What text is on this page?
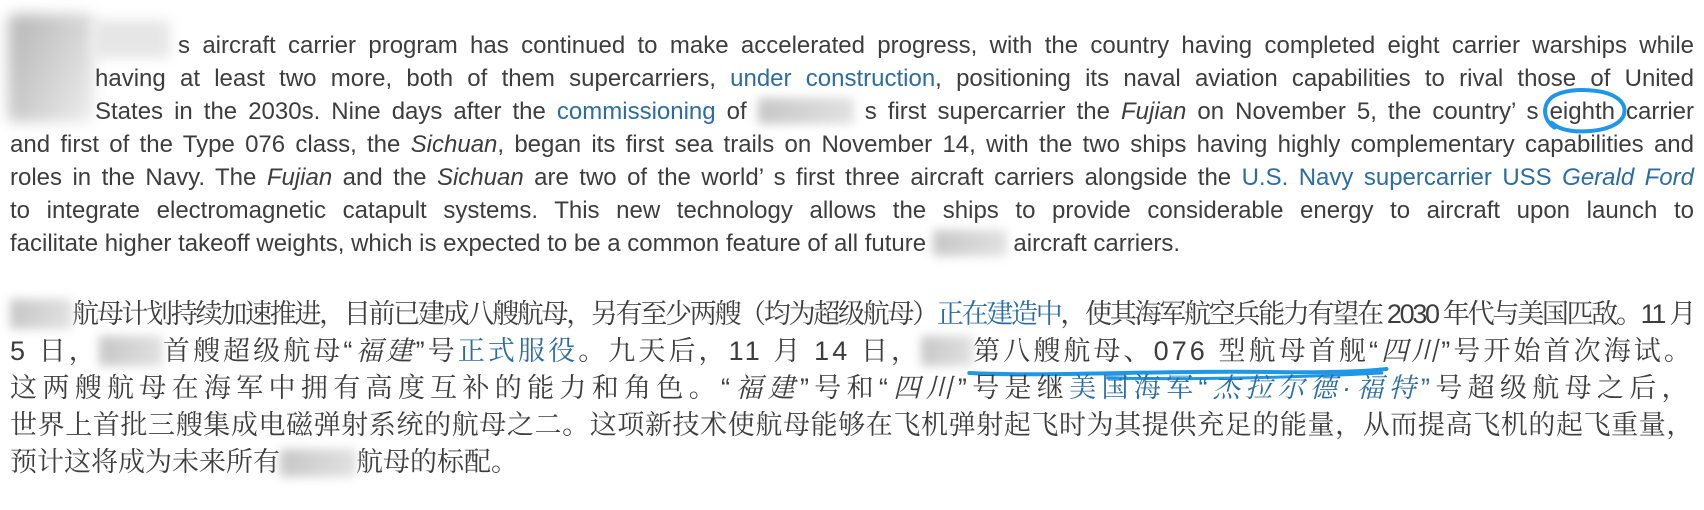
s aircraft carrier program has continued to make accelerated progress, with the country having completed eight carrier warships while
having at least two more, both of them supercarriers, under construction, positioning its naval aviation capabilities to rival those of United
States in the 2030s. Nine days after the commissioning of	s first supercarrier the Fujian on November 5, the country’ s eighth
carrier
and first of the Type 076 class, the Sichuan, began its first sea trails on November 14, with the two ships having highly complementary capabilities and
roles in the Navy. The Fujian and the Sichuan are two of the world’ s first three aircraft carriers alongside the U.S. Navy supercarrier USS Gerald Ford
to integrate electromagnetic catapult systems. This new technology allows the ships to provide considerable energy to aircraft upon launch to
facilitate higher takeoff weights, which is expected to be a common feature of all future	aircraft carriers.
航母计划持续加速推进，目前已建成八艘航母，另有至少两艘（均为超级航母）正在建造中，使其海军航空兵能力有望在 2030 年代与美国匹敌。11 月
5 日， 首艘超级航母“福建”号正式服役。九天后，11 月 14 日， 第八艘航母、076 型航母首舰
“四川”号开始首次海试。
这两艘航母在海军中拥有高度互补的能力和角色。“福建”号和“四川”号是继美国海军“杰拉尔德·福特”号超级航母之后，
世界上首批三艘集成电磁弹射系统的航母之二。这项新技术使航母能够在飞机弹射起飞时为其提供充足的能量，从而提高飞机的起飞重量，
预计这将成为未来所有	航母的标配。
